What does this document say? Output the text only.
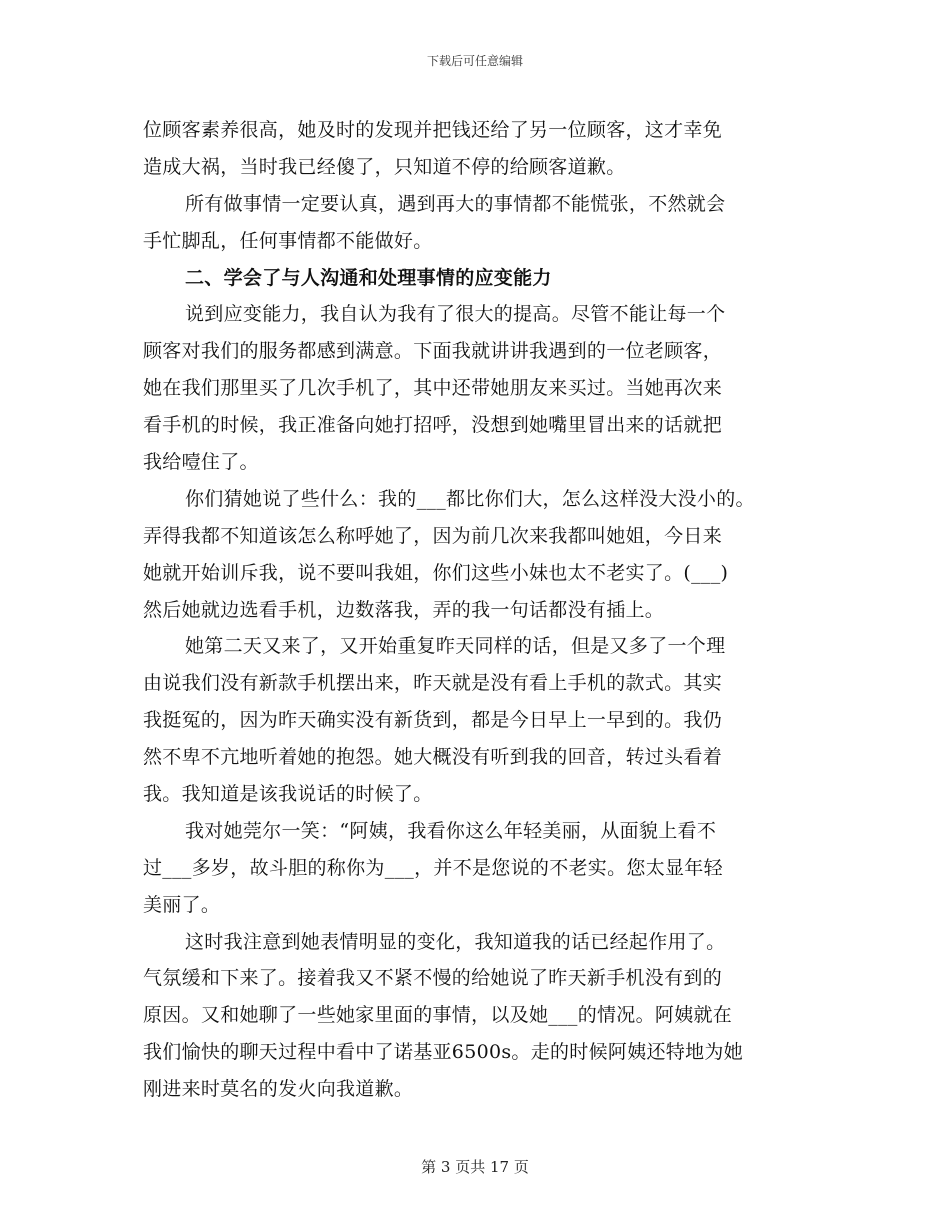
下载后可任意编辑
位顾客素养很高，她及时的发现并把钱还给了另一位顾客，这才幸免
造成大祸，当时我已经傻了，只知道不停的给顾客道歉。
所有做事情一定要认真，遇到再大的事情都不能慌张，不然就会
手忙脚乱，任何事情都不能做好。
二、学会了与人沟通和处理事情的应变能力
说到应变能力，我自认为我有了很大的提高。尽管不能让每一个
顾客对我们的服务都感到满意。下面我就讲讲我遇到的一位老顾客，
她在我们那里买了几次手机了，其中还带她朋友来买过。当她再次来
看手机的时候，我正准备向她打招呼，没想到她嘴里冒出来的话就把
我给噎住了。
你们猜她说了些什么：我的___都比你们大，怎么这样没大没小的。
弄得我都不知道该怎么称呼她了，因为前几次来我都叫她姐，今日来
她就开始训斥我，说不要叫我姐，你们这些小妹也太不老实了。(___)
然后她就边选看手机，边数落我，弄的我一句话都没有插上。
她第二天又来了，又开始重复昨天同样的话，但是又多了一个理
由说我们没有新款手机摆出来，昨天就是没有看上手机的款式。其实
我挺冤的，因为昨天确实没有新货到，都是今日早上一早到的。我仍
然不卑不亢地听着她的抱怨。她大概没有听到我的回音，转过头看着
我。我知道是该我说话的时候了。
我对她莞尔一笑：“阿姨，我看你这么年轻美丽，从面貌上看不
过___多岁，故斗胆的称你为___，并不是您说的不老实。您太显年轻
美丽了。
这时我注意到她表情明显的变化，我知道我的话已经起作用了。
气氛缓和下来了。接着我又不紧不慢的给她说了昨天新手机没有到的
原因。又和她聊了一些她家里面的事情，以及她___的情况。阿姨就在
我们愉快的聊天过程中看中了诺基亚6500s。走的时候阿姨还特地为她
刚进来时莫名的发火向我道歉。
第 3 页共 17 页
